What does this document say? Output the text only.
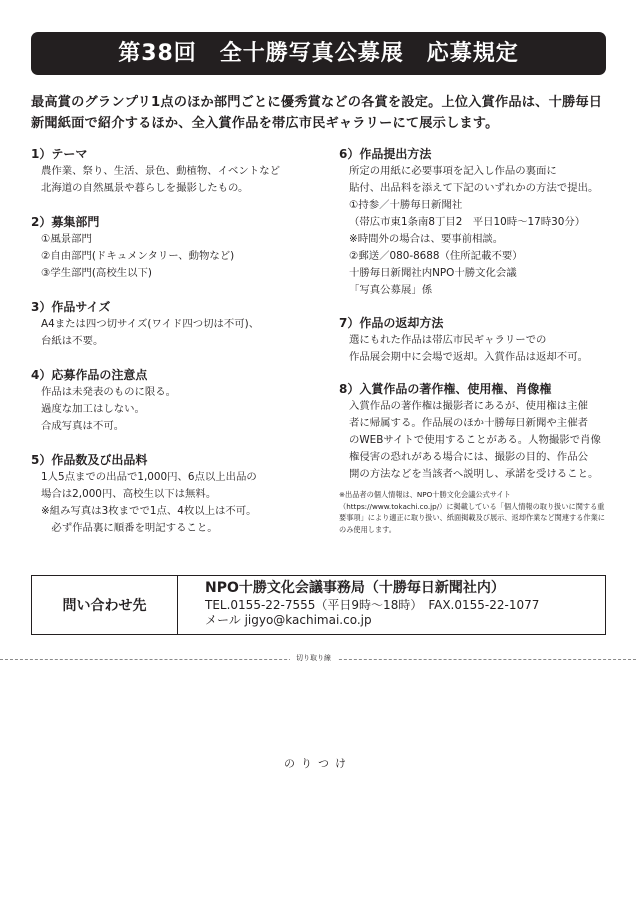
第38回　全十勝写真公募展　応募規定
最高賞のグランプリ1点のほか部門ごとに優秀賞などの各賞を設定。上位入賞作品は、十勝毎日新聞紙面で紹介するほか、全入賞作品を帯広市民ギャラリーにて展示します。
1）テーマ
農作業、祭り、生活、景色、動植物、イベントなど
北海道の自然風景や暮らしを撮影したもの。
2）募集部門
①風景部門
②自由部門(ドキュメンタリー、動物など)
③学生部門(高校生以下)
3）作品サイズ
A4または四つ切サイズ(ワイド四つ切は不可)、
台紙は不要。
4）応募作品の注意点
作品は未発表のものに限る。
過度な加工はしない。
合成写真は不可。
5）作品数及び出品料
1人5点までの出品で1,000円、6点以上出品の
場合は2,000円、高校生以下は無料。
※組み写真は3枚までで1点、4枚以上は不可。
　必ず作品裏に順番を明記すること。
6）作品提出方法
所定の用紙に必要事項を記入し作品の裏面に
貼付、出品料を添えて下記のいずれかの方法で提出。
①持参／十勝毎日新聞社
（帯広市東1条南8丁目2　平日10時～17時30分）
※時間外の場合は、要事前相談。
②郵送／080-8688（住所記載不要）
十勝毎日新聞社内NPO十勝文化会議
「写真公募展」係
7）作品の返却方法
選にもれた作品は帯広市民ギャラリーでの
作品展会期中に会場で返却。入賞作品は返却不可。
8）入賞作品の著作権、使用権、肖像権
入賞作品の著作権は撮影者にあるが、使用権は主催
者に帰属する。作品展のほか十勝毎日新聞や主催者
のWEBサイトで使用することがある。人物撮影で肖像
権侵害の恐れがある場合には、撮影の目的、作品公
開の方法などを当該者へ説明し、承諾を受けること。
※出品者の個人情報は、NPO十勝文化会議公式サイト（https://www.tokachi.co.jp/）に掲載している「個人情報の取り扱いに関する重要事項」により適正に取り扱い、紙面掲載及び展示、返却作業など関連する作業にのみ使用します。
問い合わせ先
NPO十勝文化会議事務局（十勝毎日新聞社内）
TEL.0155-22-7555（平日9時～18時）　FAX.0155-22-1077
メール jigyo@kachimai.co.jp
切り取り線
のりつけ
